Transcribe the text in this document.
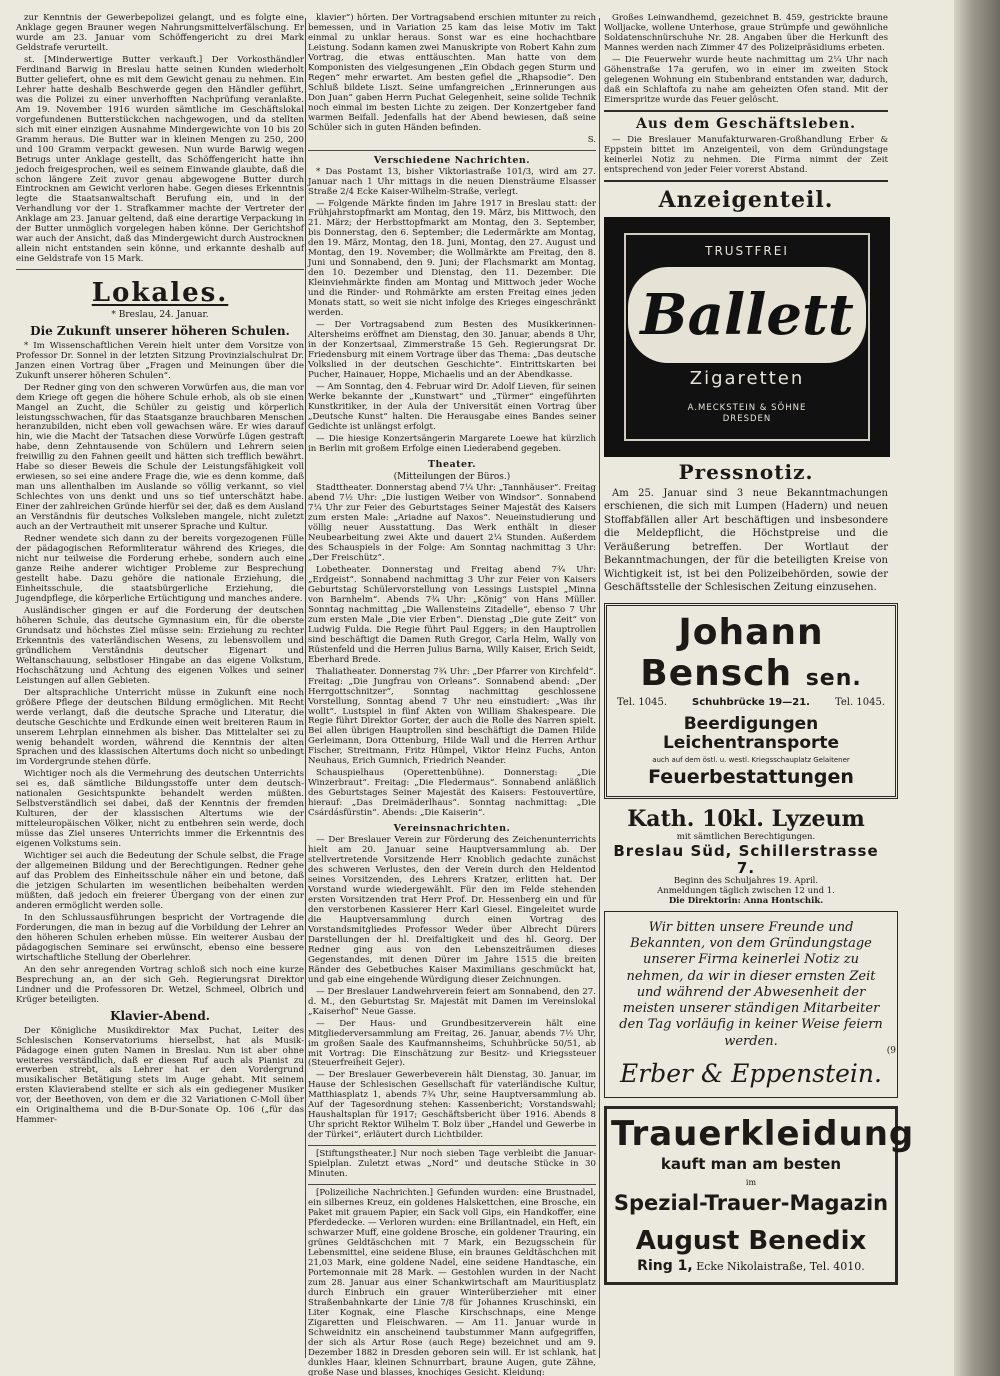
zur Kenntnis der Gewerbepolizei gelangt, und es folgte eine Anklage gegen Brauner wegen Nahrungsmittelverfälschung. Er wurde am 23. Januar vom Schöffengericht zu drei Mark Geldstrafe verurteilt.

st. [Minderwertige Butter verkauft.] Der Vorkosthändler Ferdinand Barwig in Breslau hatte seinen Kunden wiederholt Butter geliefert, ohne es mit dem Gewicht genau zu nehmen. Ein Lehrer hatte deshalb Beschwerde gegen den Händler geführt, was die Polizei zu einer unverhofften Nachprüfung veranlaßte. Am 19. November 1916 wurden sämtliche im Geschäftslokal vorgefundenen Butterstückchen nachgewogen, und da stellten sich mit einer einzigen Ausnahme Mindergewichte von 10 bis 20 Gramm heraus. Die Butter war in kleinen Mengen zu 250, 200 und 100 Gramm verpackt gewesen. Nun wurde Barwig wegen Betrugs unter Anklage gestellt, das Schöffengericht hatte ihn jedoch freigesprochen, weil es seinem Einwande glaubte, daß die schon längere Zeit zuvor genau abgewogene Butter durch Eintrocknen am Gewicht verloren habe. Gegen dieses Erkenntnis legte die Staatsanwaltschaft Berufung ein, und in der Verhandlung vor der 1. Strafkammer machte der Vertreter der Anklage am 23. Januar geltend, daß eine derartige Verpackung in der Butter unmöglich vorgelegen haben könne. Der Gerichtshof war auch der Ansicht, daß das Mindergewicht durch Austrocknen allein nicht entstanden sein könne, und erkannte deshalb auf eine Geldstrafe von 15 Mark.

Lokales.
* Breslau, 24. Januar.
Die Zukunft unserer höheren Schulen.

* Im Wissenschaftlichen Verein hielt unter dem Vorsitze von Professor Dr. Sonnel in der letzten Sitzung Provinzialschulrat Dr. Janzen einen Vortrag über „Fragen und Meinungen über die Zukunft unserer höheren Schulen“.

Der Redner ging von den schweren Vorwürfen aus, die man vor dem Kriege oft gegen die höhere Schule erhob, als ob sie einen Mangel an Zucht, die Schüler zu geistig und körperlich leistungsschwachen, für das Staatsganze brauchbaren Menschen heranzubilden, nicht eben voll gewachsen wäre. Er wies darauf hin, wie die Macht der Tatsachen diese Vorwürfe Lügen gestraft habe, denn Zehntausende von Schülern und Lehrern seien freiwillig zu den Fahnen geeilt und hätten sich trefflich bewährt. Habe so dieser Beweis die Schule der Leistungsfähigkeit voll erwiesen, so sei eine andere Frage die, wie es denn komme, daß man uns allenthalben im Auslande so völlig verkannt, so viel Schlechtes von uns denkt und uns so tief unterschätzt habe. Einer der zahlreichen Gründe hierfür sei der, daß es dem Ausland an Verständnis für deutsches Volksleben mangele, nicht zuletzt auch an der Vertrautheit mit unserer Sprache und Kultur.

Redner wendete sich dann zu der bereits vorgezogenen Fülle der pädagogischen Reformliteratur während des Krieges, die nicht nur teilweise die Forderung erhebe, sondern auch eine ganze Reihe anderer wichtiger Probleme zur Besprechung gestellt habe. Dazu gehöre die nationale Erziehung, die Einheitsschule, die staatsbürgerliche Erziehung, die Jugendpflege, die körperliche Ertüchtigung und manches andere.

Ausländischer gingen er auf die Forderung der deutschen höheren Schule, das deutsche Gymnasium ein, für die oberste Grundsatz und höchstes Ziel müsse sein: Erziehung zu rechter Erkenntnis des vaterländischen Wesens, zu lebensvollem und gründlichem Verständnis deutscher Eigenart und Weltanschauung, selbstloser Hingabe an das eigene Volkstum, Hochschätzung und Achtung des eigenen Volkes und seiner Leistungen auf allen Gebieten.

Der altsprachliche Unterricht müsse in Zukunft eine noch größere Pflege der deutschen Bildung ermöglichen. Mit Recht werde verlangt, daß die deutsche Sprache und Literatur, die deutsche Geschichte und Erdkunde einen weit breiteren Raum in unserem Lehrplan einnehmen als bisher. Das Mittelalter sei zu wenig behandelt worden, während die Kenntnis der alten Sprachen und des klassischen Altertums doch nicht so unbedingt im Vordergrunde stehen dürfe.

Wichtiger noch als die Vermehrung des deutschen Unterrichts sei es, daß sämtliche Bildungsstoffe unter dem deutsch-nationalen Gesichtspunkte behandelt werden müßten. Selbstverständlich sei dabei, daß der Kenntnis der fremden Kulturen, der der klassischen Altertums wie der mitteleuropäischen Völker, nicht zu entbehren sein werde, doch müsse das Ziel unseres Unterrichts immer die Erkenntnis des eigenen Volkstums sein.

Wichtiger sei auch die Bedeutung der Schule selbst, die Frage der allgemeinen Bildung und der Berechtigungen. Redner gehe auf das Problem des Einheitsschule näher ein und betone, daß die jetzigen Schularten im wesentlichen beibehalten werden müßten, daß jedoch ein freierer Übergang von der einen zur anderen ermöglicht werden solle.

In den Schlussausführungen bespricht der Vortragende die Forderungen, die man in bezug auf die Vorbildung der Lehrer an den höheren Schulen erheben müsse. Ein weiterer Ausbau der pädagogischen Seminare sei erwünscht, ebenso eine bessere wirtschaftliche Stellung der Oberlehrer.

An den sehr anregenden Vortrag schloß sich noch eine kurze Besprechung an, an der sich Geh. Regierungsrat Direktor Lindner und die Professoren Dr. Wetzel, Schmeel, Olbrich und Krüger beteiligten.

Klavier-Abend.

Der Königliche Musikdirektor Max Puchat, Leiter des Schlesischen Konservatoriums hierselbst, hat als Musik-Pädagoge einen guten Namen in Breslau. Nun ist aber ohne weiteres verständlich, daß er diesen Ruf auch als Pianist zu erwerben strebt, als Lehrer hat er den Vordergrund musikalischer Betätigung stets im Auge gehabt. Mit seinem ersten Klavierabend stellte er sich als ein gediegener Musiker vor, der Beethoven, von dem er die 32 Variationen C-Moll über ein Originalthema und die B-Dur-Sonate Op. 106 („für das Hammer-

klavier“) hörten. Der Vortragsabend erschien mitunter zu reich bemessen, und in Variation 25 kam das leise Motiv im Takt einmal zu unklar heraus. Sonst war es eine hochachtbare Leistung. Sodann kamen zwei Manuskripte von Robert Kahn zum Vortrag, die etwas enttäuschten. Man hatte von dem Komponisten des vielgesungenen „Ein Obdach gegen Sturm und Regen“ mehr erwartet. Am besten gefiel die „Rhapsodie“. Den Schluß bildete Liszt. Seine umfangreichen „Erinnerungen aus Don Juan“ gaben Herrn Puchat Gelegenheit, seine solide Technik noch einmal im besten Lichte zu zeigen. Der Konzertgeber fand warmen Beifall. Jedenfalls hat der Abend bewiesen, daß seine Schüler sich in guten Händen befinden.

S.
Verschiedene Nachrichten.

* Das Postamt 13, bisher Viktoriastraße 101/3, wird am 27. Januar nach 1 Uhr mittags in die neuen Diensträume Elsasser Straße 2/4 Ecke Kaiser-Wilhelm-Straße, verlegt.

— Folgende Märkte finden im Jahre 1917 in Breslau statt: der Frühjahrstopfmarkt am Montag, den 19. März, bis Mittwoch, den 21. März; der Herbsttopfmarkt am Montag, den 3. September, bis Donnerstag, den 6. September; die Ledermärkte am Montag, den 19. März, Montag, den 18. Juni, Montag, den 27. August und Montag, den 19. November; die Wollmärkte am Freitag, den 8. Juni und Sonnabend, den 9. Juni; der Flachsmarkt am Montag, den 10. Dezember und Dienstag, den 11. Dezember. Die Kleinviehmärkte finden am Montag und Mittwoch jeder Woche und die Rinder- und Rohmärkte am ersten Freitag eines jeden Monats statt, so weit sie nicht infolge des Krieges eingeschränkt werden.

— Der Vortragsabend zum Besten des Musikkerinnen-Altersheims eröffnet am Dienstag, den 30. Januar, abends 8 Uhr, in der Konzertsaal, Zimmerstraße 15 Geh. Regierungsrat Dr. Friedensburg mit einem Vortrage über das Thema: „Das deutsche Volkslied in der deutschen Geschichte“. Eintrittskarten bei Pucher, Hainauer, Hoppe, Michaelis und an der Abendkasse.

— Am Sonntag, den 4. Februar wird Dr. Adolf Lieven, für seinen Werke bekannte der „Kunstwart“ und „Türmer“ eingeführten Kunstkritiker, in der Aula der Universität einen Vortrag über „Deutsche Kunst“ halten. Die Herausgabe eines Bandes seiner Gedichte ist unlängst erfolgt.

— Die hiesige Konzertsängerin Margarete Loewe hat kürzlich in Berlin mit großem Erfolge einen Liederabend gegeben.

Theater.
(Mitteilungen der Büros.)

Stadttheater. Donnerstag abend 7¼ Uhr: „Tannhäuser“. Freitag abend 7½ Uhr: „Die lustigen Weiber von Windsor“. Sonnabend 7¼ Uhr zur Feier des Geburtstages Seiner Majestät des Kaisers zum ersten Male: „Ariadne auf Naxos“. Neueinstudierung und völlig neuer Ausstattung. Das Werk enthält in dieser Neubearbeitung zwei Akte und dauert 2¼ Stunden. Außerdem des Schauspiels in der Folge: Am Sonntag nachmittag 3 Uhr: „Der Freischütz“.

Lobetheater. Donnerstag und Freitag abend 7¾ Uhr: „Erdgeist“. Sonnabend nachmittag 3 Uhr zur Feier von Kaisers Geburtstag Schülervorstellung von Lessings Lustspiel „Minna von Barnhelm“. Abends 7¾ Uhr: „König“ von Hans Müller. Sonntag nachmittag „Die Wallensteins Zitadelle“, ebenso 7 Uhr zum ersten Male „Die vier Erben“. Dienstag „Die gute Zeit“ von Ludwig Fulda. Die Regie führt Paul Eggers; in den Hauptrollen sind beschäftigt die Damen Ruth Gregor, Carla Helm, Wally von Rüstenfeld und die Herren Julius Barna, Willy Kaiser, Erich Seidt, Eberhard Brede.

Thaliatheater. Donnerstag 7¾ Uhr: „Der Pfarrer von Kirchfeld“. Freitag: „Die Jungfrau von Orleans“. Sonnabend abend: „Der Herrgottschnitzer“, Sonntag nachmittag geschlossene Vorstellung, Sonntag abend 7 Uhr neu einstudiert: „Was ihr wollt“. Lustspiel in fünf Akten von William Shakespeare. Die Regie führt Direktor Gorter, der auch die Rolle des Narren spielt. Bei allen übrigen Hauptrollen sind beschäftigt die Damen Hilde Gerleimann, Dora Ottenburg, Hilde Wall und die Herren Arthur Fischer, Streitmann, Fritz Hümpel, Viktor Heinz Fuchs, Anton Neuhaus, Erich Gumnich, Friedrich Neander.

Schauspielhaus (Operettenbühne). Donnerstag: „Die Winzerbraut“. Freitag: „Die Fledermaus“. Sonnabend anläßlich des Geburtstages Seiner Majestät des Kaisers: Festouvertüre, hierauf: „Das Dreimäderlhaus“. Sonntag nachmittag: „Die Csárdásfürstin“. Abends: „Die Kaiserin“.

Vereinsnachrichten.

— Der Breslauer Verein zur Förderung des Zeichenunterrichts hielt am 20. Januar seine Hauptversammlung ab. Der stellvertretende Vorsitzende Herr Knoblich gedachte zunächst des schweren Verlustes, den der Verein durch den Heldentod seines Vorsitzenden, des Lehrers Kratzer, erlitten hat. Der Vorstand wurde wiedergewählt. Für den im Felde stehenden ersten Vorsitzenden trat Herr Prof. Dr. Hessenberg ein und für den verstorbenen Kassierer Herr Karl Giesel. Eingeleitet wurde die Hauptversammlung durch einen Vortrag des Vorstandsmitgliedes Professor Weder über Albrecht Dürers Darstellungen der hl. Dreifaltigkeit und des hl. Georg. Der Redner ging aus von den Lebenszeiträumen dieses Gegenstandes, mit denen Dürer im Jahre 1515 die breiten Ränder des Gebetbuches Kaiser Maximilians geschmückt hat, und gab eine eingehende Würdigung dieser Zeichnungen.

— Der Breslauer Landwehrverein feiert am Sonnabend, den 27. d. M., den Geburtstag Sr. Majestät mit Damen im Vereinslokal „Kaiserhof“ Neue Gasse.

— Der Haus- und Grundbesitzerverein hält eine Mitgliederversammlung am Freitag, 26. Januar, abends 7½ Uhr, im großen Saale des Kaufmannsheims, Schuhbrücke 50/51, ab mit Vortrag: Die Einschätzung zur Besitz- und Kriegssteuer (Steuerfreiheit Gejer).

— Der Breslauer Gewerbeverein hält Dienstag, 30. Januar, im Hause der Schlesischen Gesellschaft für vaterländische Kultur, Matthiasplatz 1, abends 7¾ Uhr, seine Hauptversammlung ab. Auf der Tagesordnung stehen: Kassenbericht; Vorstandswahl; Haushaltsplan für 1917; Geschäftsbericht über 1916. Abends 8 Uhr spricht Rektor Wilhelm T. Bolz über „Handel und Gewerbe in der Türkei“, erläutert durch Lichtbilder.

[Stiftungstheater.] Nur noch sieben Tage verbleibt die Januar-Spielplan. Zuletzt etwas „Nord“ und deutsche Stücke in 30 Minuten.

[Polizeiliche Nachrichten.] Gefunden wurden: eine Brustnadel, ein silbernes Kreuz, ein goldenes Halskettchen, eine Brosche, ein Paket mit grauem Papier, ein Sack voll Gips, ein Handkoffer, eine Pferdedecke. — Verloren wurden: eine Brillantnadel, ein Heft, ein schwarzer Muff, eine goldene Brosche, ein goldener Trauring, ein grünes Geldtäschchen mit 7 Mark, ein Bezugsschein für Lebensmittel, eine seidene Bluse, ein braunes Geldtäschchen mit 21,03 Mark, eine goldene Nadel, eine seidene Handtasche, ein Portemonnaie mit 28 Mark. — Gestohlen wurden in der Nacht zum 28. Januar aus einer Schankwirtschaft am Mauritiusplatz durch Einbruch ein grauer Winterüberzieher mit einer Straßenbahnkarte der Linie 7/8 für Johannes Kruschinski, ein Liter Kognak, eine Flasche Kirschschnaps, eine Menge Zigaretten und Fleischwaren. — Am 11. Januar wurde in Schweidnitz ein anscheinend taubstummer Mann aufgegriffen, der sich als Artur Rose (auch Rege) bezeichnet und am 9. Dezember 1882 in Dresden geboren sein will. Er ist schlank, hat dunkles Haar, kleinen Schnurrbart, braune Augen, gute Zähne, große Nase und blasses, knochiges Gesicht. Kleidung:

Großes Leinwandhemd, gezeichnet B. 459, gestrickte braune Wolljacke, wollene Unterhose, graue Strümpfe und gewöhnliche Soldatenschnürschuhe Nr. 28. Angaben über die Herkunft des Mannes werden nach Zimmer 47 des Polizeipräsidiums erbeten.

— Die Feuerwehr wurde heute nachmittag um 2¼ Uhr nach Göhenstraße 17a gerufen, wo in einer im zweiten Stock gelegenen Wohnung ein Stubenbrand entstanden war, dadurch, daß ein Schlaftofa zu nahe am geheizten Ofen stand. Mit der Eimerspritze wurde das Feuer gelöscht.

Aus dem Geschäftsleben.

— Die Breslauer Manufakturwaren-Großhandlung Erber & Eppstein bittet im Anzeigenteil, von dem Gründungstage keinerlei Notiz zu nehmen. Die Firma nimmt der Zeit entsprechend von jeder Feier vorerst Abstand.

Anzeigenteil.
TRUSTFREI
Ballett
Zigaretten
A.MECKSTEIN & SÖHNE
DRESDEN
Pressnotiz.

Am 25. Januar sind 3 neue Bekanntmachungen erschienen, die sich mit Lumpen (Hadern) und neuen Stoffabfällen aller Art beschäftigen und insbesondere die Meldepflicht, die Höchstpreise und die Veräußerung betreffen. Der Wortlaut der Bekanntmachungen, der für die beteiligten Kreise von Wichtigkeit ist, ist bei den Polizeibehörden, sowie der Geschäftsstelle der Schlesischen Zeitung einzusehen.

Johann Bensch sen.
Tel. 1045.	Schuhbrücke 19—21.	Tel. 1045.
Beerdigungen
Leichentransporte
auch auf dem östl. u. westl. Kriegsschauplatz Gelaitener
Feuerbestattungen
Kath. 10kl. Lyzeum
mit sämtlichen Berechtigungen.
Breslau Süd, Schillerstrasse 7.
Beginn des Schuljahres 19. April.
Anmeldungen täglich zwischen 12 und 1.
Die Direktorin: Anna Hontschik.
Wir bitten unsere Freunde und Bekannten, von dem Gründungstage unserer Firma keinerlei Notiz zu nehmen, da wir in dieser ernsten Zeit und während der Abwesenheit der meisten unserer ständigen Mitarbeiter den Tag vorläufig in keiner Weise feiern werden.
Erber & Eppenstein.
Trauerkleidung
kauft man am besten
im
Spezial-Trauer-Magazin
August Benedix
Ring 1, Ecke Nikolaistraße, Tel. 4010.
(9
